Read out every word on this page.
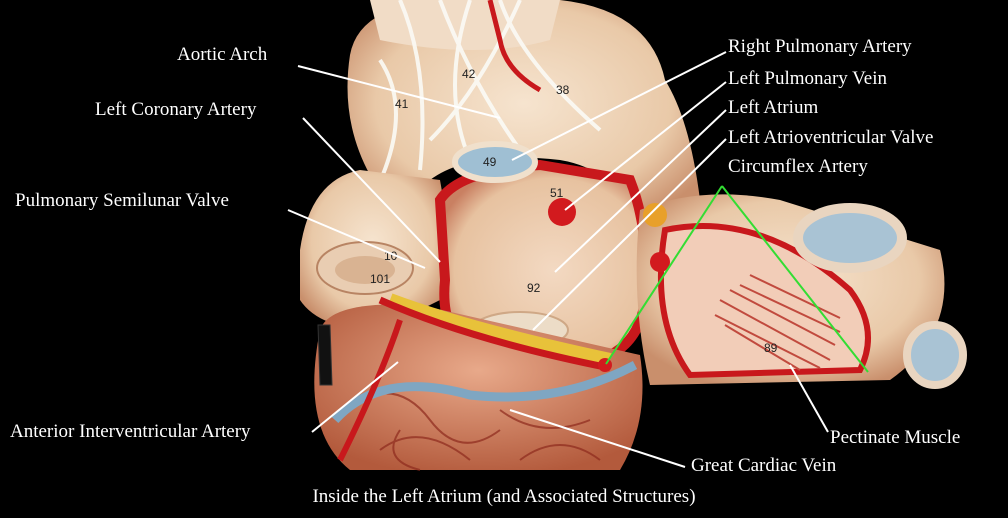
42
41
38
49
51
92
101
10
89
Aortic Arch
Left Coronary Artery
Pulmonary Semilunar Valve
Anterior Interventricular Artery
Right Pulmonary Artery
Left Pulmonary Vein
Left Atrium
Left Atrioventricular Valve
Circumflex Artery
Pectinate Muscle
Great Cardiac Vein
Inside the Left Atrium (and Associated Structures)
